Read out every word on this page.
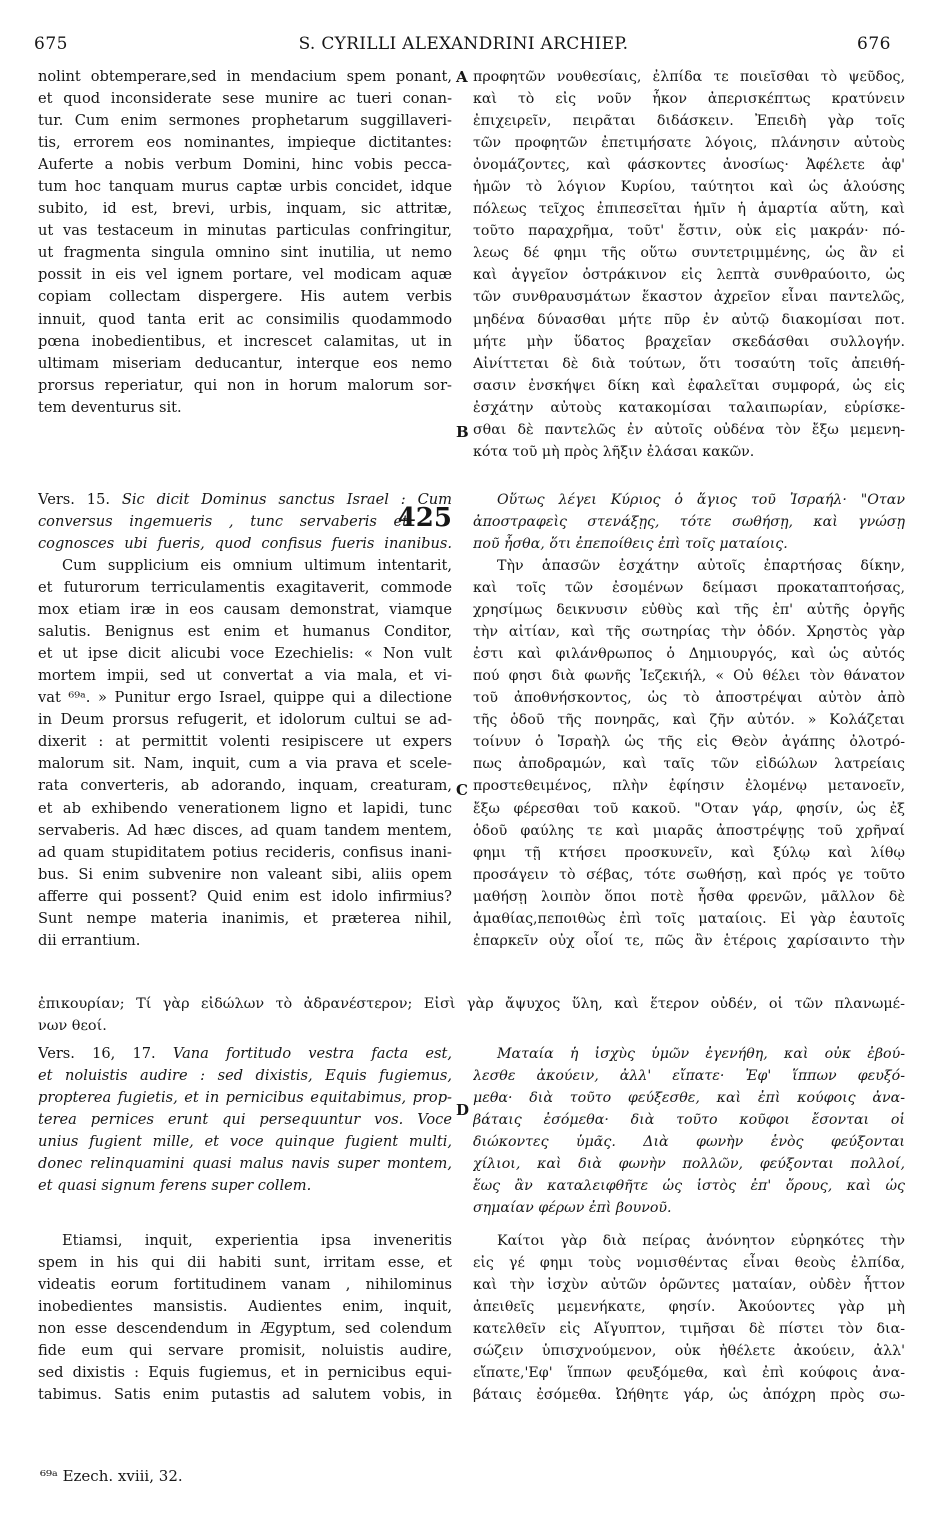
675	S. CYRILLI ALEXANDRINI ARCHIEP.	676
A
B
C
D
nolint obtemperare,sed in mendacium spem ponant,
et quod inconsiderate sese munire ac tueri conan-
tur. Cum enim sermones prophetarum suggillaveri-
tis, errorem eos nominantes, impieque dictitantes:
Auferte a nobis verbum Domini, hinc vobis pecca-
tum hoc tanquam murus captæ urbis concidet, idque
subito, id est, brevi, urbis, inquam, sic attritæ,
ut vas testaceum in minutas particulas confringitur,
ut fragmenta singula omnino sint inutilia, ut nemo
possit in eis vel ignem portare, vel modicam aquæ
copiam collectam dispergere. His autem verbis
innuit, quod tanta erit ac consimilis quodammodo
pœna inobedientibus, et increscet calamitas, ut in
ultimam miseriam deducantur, interque eos nemo
prorsus reperiatur, qui non in horum malorum sor-
tem deventurus sit.
προφητῶν νουθεσίαις, ἐλπίδα τε ποιεῖσθαι τὸ ψεῦδος,
καὶ τὸ εἰς νοῦν ἧκον ἀπερισκέπτως κρατύνειν
ἐπιχειρεῖν, πειρᾶται διδάσκειν. Ἐπειδὴ γὰρ τοῖς
τῶν προφητῶν ἐπετιμήσατε λόγοις, πλάνησιν αὐτοὺς
ὀνομάζοντες, καὶ φάσκοντες ἀνοσίως· Ἀφέλετε ἀφ'
ἡμῶν τὸ λόγιον Κυρίου, ταύτητοι καὶ ὡς ἁλούσης
πόλεως τεῖχος ἐπιπεσεῖται ἡμῖν ἡ ἁμαρτία αὕτη, καὶ
τοῦτο παραχρῆμα, τοῦτ' ἔστιν, οὐκ εἰς μακράν· πό-
λεως δέ φημι τῆς οὕτω συντετριμμένης, ὡς ἂν εἰ
καὶ ἀγγεῖον ὀστράκινον εἰς λεπτὰ συνθραύοιτο, ὡς
τῶν συνθραυσμάτων ἕκαστον ἀχρεῖον εἶναι παντελῶς,
μηδένα δύνασθαι μήτε πῦρ ἐν αὐτῷ διακομίσαι ποτ.
μήτε μὴν ὕδατος βραχεῖαν σκεδάσθαι συλλογήν.
Αἰνίττεται δὲ διὰ τούτων, ὅτι τοσαύτη τοῖς ἀπειθή-
σασιν ἐνσκήψει δίκη καὶ ἐφαλεῖται συμφορά, ὡς εἰς
ἐσχάτην αὐτοὺς κατακομίσαι ταλαιπωρίαν, εὑρίσκε-
σθαι δὲ παντελῶς ἐν αὐτοῖς οὐδένα τὸν ἔξω μεμενη-
κότα τοῦ μὴ πρὸς λῆξιν ἐλάσαι κακῶν.
Vers. 15. Sic dicit Dominus sanctus Israel : Cum
conversus ingemueris , tunc servaberis et
425
cognosces ubi fueris, quod confisus fueris inanibus.
Οὕτως λέγει Κύριος ὁ ἅγιος τοῦ Ἰσραήλ· "Οταν
ἀποστραφεὶς στενάξῃς, τότε σωθήσῃ, καὶ γνώσῃ
ποῦ ἦσθα, ὅτι ἐπεποίθεις ἐπὶ τοῖς ματαίοις.
Cum supplicium eis omnium ultimum intentarit,
et futurorum terriculamentis exagitaverit, commode
mox etiam iræ in eos causam demonstrat, viamque
salutis. Benignus est enim et humanus Conditor,
et ut ipse dicit alicubi voce Ezechielis: « Non vult
mortem impii, sed ut convertat a via mala, et vi-
vat ⁶⁹ᵃ. » Punitur ergo Israel, quippe qui a dilectione
in Deum prorsus refugerit, et idolorum cultui se ad-
dixerit : at permittit volenti resipiscere ut expers
malorum sit. Nam, inquit, cum a via prava et scele-
rata converteris, ab adorando, inquam, creaturam,
et ab exhibendo venerationem ligno et lapidi, tunc
servaberis. Ad hæc disces, ad quam tandem mentem,
ad quam stupiditatem potius recideris, confisus inani-
bus. Si enim subvenire non valeant sibi, aliis opem
afferre qui possent? Quid enim est idolo infirmius?
Sunt nempe materia inanimis, et præterea nihil,
dii errantium.
Τὴν ἁπασῶν ἐσχάτην αὐτοῖς ἐπαρτήσας δίκην,
καὶ τοῖς τῶν ἐσομένων δείμασι προκαταπτοήσας,
χρησίμως δεικνυσιν εὐθὺς καὶ τῆς ἐπ' αὐτῆς ὀργῆς
τὴν αἰτίαν, καὶ τῆς σωτηρίας τὴν ὁδόν. Χρηστὸς γὰρ
ἐστι καὶ φιλάνθρωπος ὁ Δημιουργός, καὶ ὡς αὐτός
πού φησι διὰ φωνῆς Ἰεζεκιήλ, « Οὐ θέλει τὸν θάνατον
τοῦ ἀποθνήσκοντος, ὡς τὸ ἀποστρέψαι αὐτὸν ἀπὸ
τῆς ὁδοῦ τῆς πονηρᾶς, καὶ ζῆν αὐτόν. » Κολάζεται
τοίνυν ὁ Ἰσραὴλ ὡς τῆς εἰς Θεὸν ἀγάπης ὀλοτρό-
πως ἀποδραμών, καὶ ταῖς τῶν εἰδώλων λατρείαις
προστεθειμένος, πλὴν ἐφίησιν ἐλομένῳ μετανοεῖν,
ἔξω φέρεσθαι τοῦ κακοῦ. "Οταν γάρ, φησίν, ὡς ἐξ
ὁδοῦ φαύλης τε καὶ μιαρᾶς ἀποστρέψῃς τοῦ χρῆναί
φημι τῇ κτήσει προσκυνεῖν, καὶ ξύλῳ καὶ λίθῳ
προσάγειν τὸ σέβας, τότε σωθήσῃ, καὶ πρός γε τοῦτο
μαθήσῃ λοιπὸν ὅποι ποτὲ ἦσθα φρενῶν, μᾶλλον δὲ
ἀμαθίας,πεποιθὼς ἐπὶ τοῖς ματαίοις. Εἰ γὰρ ἑαυτοῖς
ἐπαρκεῖν οὐχ οἷοί τε, πῶς ἂν ἑτέροις χαρίσαιντο τὴν
ἐπικουρίαν; Τί γὰρ εἰδώλων τὸ ἀδρανέστερον; Εἰσὶ γὰρ ἄψυχος ὕλη, καὶ ἕτερον οὐδέν, οἱ τῶν πλανωμέ-
νων θεοί.
Vers. 16, 17. Vana fortitudo vestra facta est,
et noluistis audire : sed dixistis, Equis fugiemus,
propterea fugietis, et in pernicibus equitabimus, prop-
terea pernices erunt qui persequuntur vos. Voce
unius fugient mille, et voce quinque fugient multi,
donec relinquamini quasi malus navis super montem,
et quasi signum ferens super collem.
Ματαία ἡ ἰσχὺς ὑμῶν ἐγενήθη, καὶ οὐκ ἐβού-
λεσθε ἀκούειν, ἀλλ' εἴπατε· Ἐφ' ἵππων φευξό-
μεθα· διὰ τοῦτο φεύξεσθε, καὶ ἐπὶ κούφοις ἀνα-
βάταις ἐσόμεθα· διὰ τοῦτο κοῦφοι ἔσονται οἱ
διώκοντες ὑμᾶς. Διὰ φωνὴν ἑνὸς φεύξονται
χίλιοι, καὶ διὰ φωνὴν πολλῶν, φεύξονται πολλοί,
ἕως ἂν καταλειφθῆτε ὡς ἱστὸς ἐπ' ὄρους, καὶ ὡς
σημαίαν φέρων ἐπὶ βουνοῦ.
Etiamsi, inquit, experientia ipsa inveneritis
spem in his qui dii habiti sunt, irritam esse, et
videatis eorum fortitudinem vanam , nihilominus
inobedientes mansistis. Audientes enim, inquit,
non esse descendendum in Ægyptum, sed colendum
fide eum qui servare promisit, noluistis audire,
sed dixistis : Equis fugiemus, et in pernicibus equi-
tabimus. Satis enim putastis ad salutem vobis, in
Καίτοι γὰρ διὰ πείρας ἀνόνητον εὑρηκότες τὴν
εἰς γέ φημι τοὺς νομισθέντας εἶναι θεοὺς ἐλπίδα,
καὶ τὴν ἰσχὺν αὐτῶν ὁρῶντες ματαίαν, οὐδὲν ἧττον
ἀπειθεῖς μεμενήκατε, φησίν. Ἀκούοντες γὰρ μὴ
κατελθεῖν εἰς Αἴγυπτον, τιμῆσαι δὲ πίστει τὸν δια-
σώζειν ὑπισχνούμενον, οὐκ ἠθέλετε ἀκούειν, ἀλλ'
εἴπατε,'Εφ' ἵππων φευξόμεθα, καὶ ἐπὶ κούφοις ἀνα-
βάταις ἐσόμεθα. Ὠήθητε γάρ, ὡς ἀπόχρη πρὸς σω-
⁶⁹ᵃ Ezech. xviii, 32.
